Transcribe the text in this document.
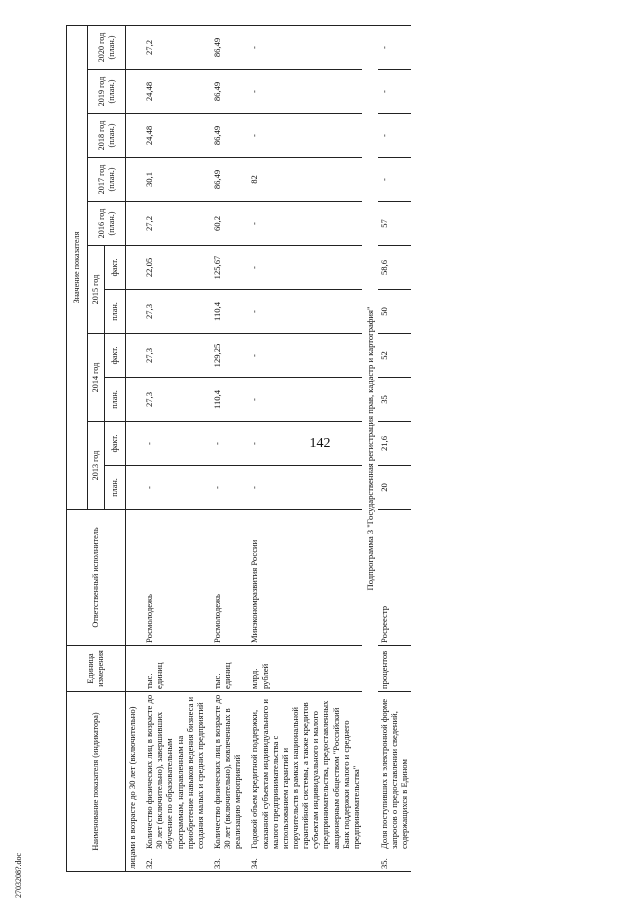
142
2703208?.doc
Наименование показателя (индикатора)	Единица измерения	Ответственный исполнитель	Значение показателя										
			2013 год		2014 год		2015 год		2016 год (план.)	2017 год (план.)	2018 год (план.)	2019 год (план.)	2020 год (план.)
			план.	факт.	план.	факт.	план.	факт.					
лицами в возрасте до 30 лет (включительно)													

32.
Количество физических лиц в возрасте до 30 лет (включительно), завершивших обучение по образовательным программам, направленным на приобретение навыков ведения бизнеса и создания малых и средних предприятий	тыс. единиц	Росмолодежь	-	-	27,3	27,3	27,3	22,05	27,2	30,1	24,48	24,48	27,2

33.
Количество физических лиц в возрасте до 30 лет (включительно), вовлеченных в реализацию мероприятий	тыс. единиц	Росмолодежь	-	-	110,4	129,25	110,4	125,67	60,2	86,49	86,49	86,49	86,49

34.
Годовой объем кредитной поддержки, оказанной субъектам индивидуального и малого предпринимательства с использованием гарантий и поручительств в рамках национальной гарантийной системы, а также кредитов субъектам индивидуального и малого предпринимательства, предоставленных акционерным обществом "Российский Банк поддержки малого и среднего предпринимательства"	млрд. рублей	Минэкономразвития России	-	-	-	-	-	-	-	82	-	-	-
Подпрограмма 3 "Государственная регистрация прав, кадастр и картография"													

35.
Доля поступивших в электронной форме запросов о предоставлении сведений, содержащихся в Едином	процентов	Росреестр	20	21,6	35	52	50	58,6	57	-	-	-	-
